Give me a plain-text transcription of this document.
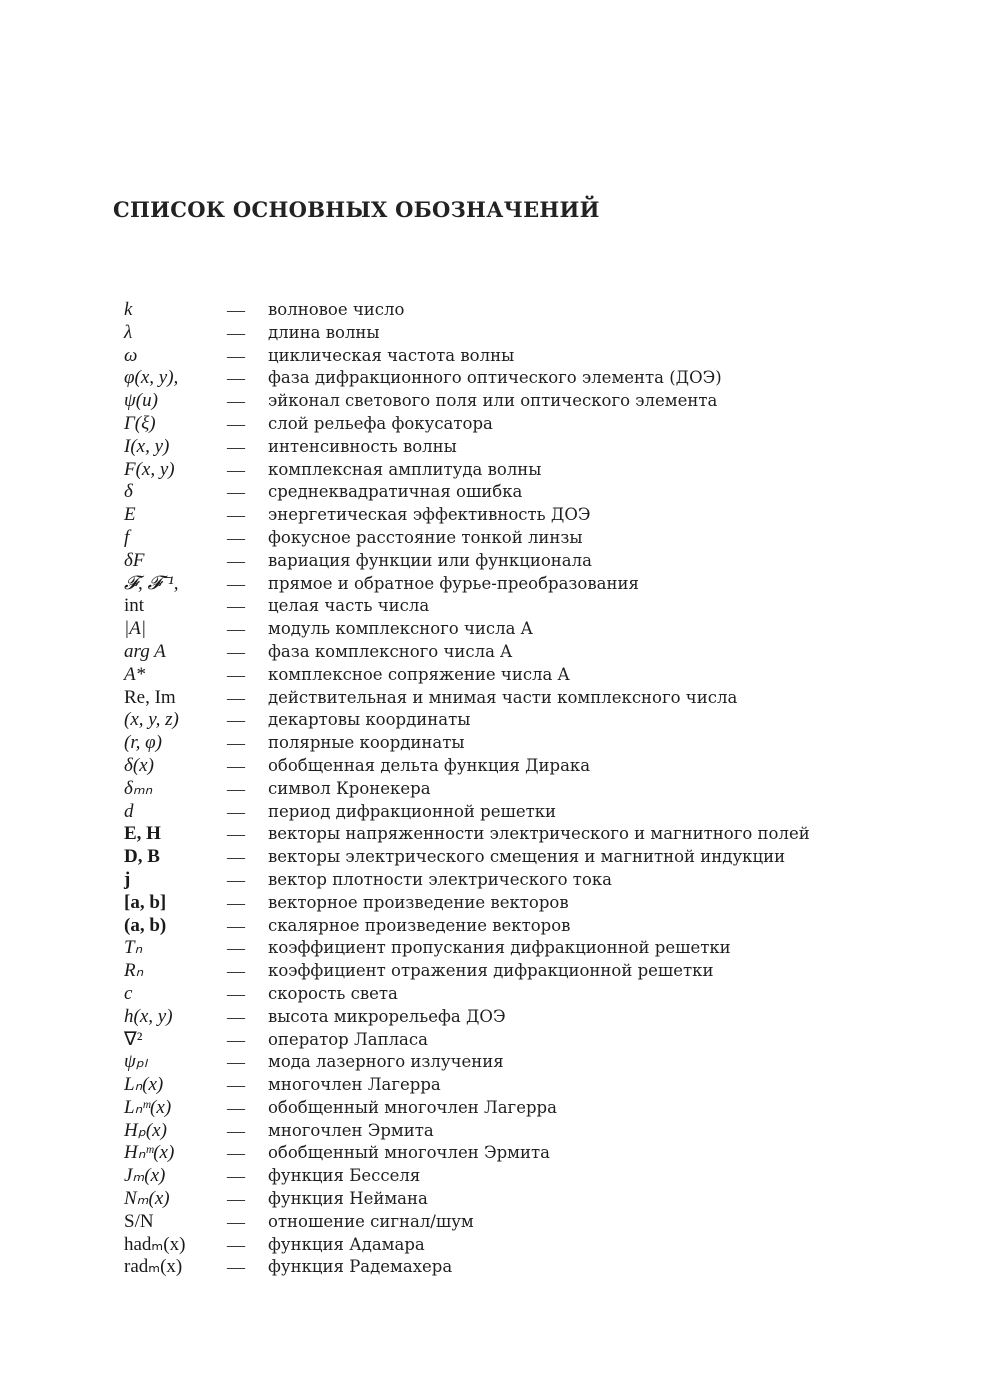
СПИСОК ОСНОВНЫХ ОБОЗНАЧЕНИЙ
k	— волновое число
λ	— длина волны
ω	— циклическая частота волны
φ(x, y),	— фаза дифракционного оптического элемента (ДОЭ)
ψ(u)	— эйконал светового поля или оптического элемента
Γ(ξ)	— слой рельефа фокусатора
I(x, y)	— интенсивность волны
F(x, y)	— комплексная амплитуда волны
δ	— среднеквадратичная ошибка
E	— энергетическая эффективность ДОЭ
f	— фокусное расстояние тонкой линзы
δF	— вариация функции или функционала
𝓕, 𝓕⁻¹,	— прямое и обратное фурье-преобразования
int	— целая часть числа
|A|	— модуль комплексного числа A
arg A	— фаза комплексного числа A
A*	— комплексное сопряжение числа A
Re, Im	— действительная и мнимая части комплексного числа
(x, y, z)	— декартовы координаты
(r, φ)	— полярные координаты
δ(x)	— обобщенная дельта функция Дирака
δₘₙ	— символ Кронекера
d	— период дифракционной решетки
E, H	— векторы напряженности электрического и магнитного полей
D, B	— векторы электрического смещения и магнитной индукции
j	— вектор плотности электрического тока
[a, b]	— векторное произведение векторов
(a, b)	— скалярное произведение векторов
Tₙ	— коэффициент пропускания дифракционной решетки
Rₙ	— коэффициент отражения дифракционной решетки
c	— скорость света
h(x, y)	— высота микрорельефа ДОЭ
∇²	— оператор Лапласа
ψₚₗ	— мода лазерного излучения
Lₙ(x)	— многочлен Лагерра
Lₙᵐ(x)	— обобщенный многочлен Лагерра
Hₚ(x)	— многочлен Эрмита
Hₙᵐ(x)	— обобщенный многочлен Эрмита
Jₘ(x)	— функция Бесселя
Nₘ(x)	— функция Неймана
S/N	— отношение сигнал/шум
hadₘ(x) — функция Адамара
radₘ(x) — функция Радемахера
